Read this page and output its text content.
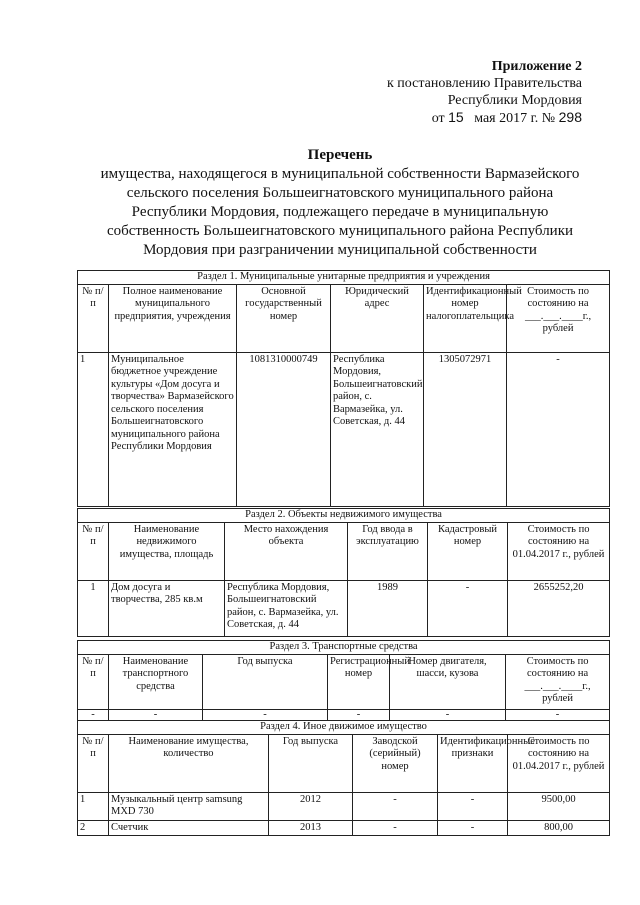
Приложение 2
к постановлению Правительства
Республики Мордовия
от 15 мая 2017 г. № 298
Перечень
имущества, находящегося в муниципальной собственности Вармазейского
сельского поселения Большеигнатовского муниципального района
Республики Мордовия, подлежащего передаче в муниципальную
собственность Большеигнатовского муниципального района Республики
Мордовия при разграничении муниципальной собственности
Раздел 1. Муниципальные унитарные предприятия и учреждения					
№ п/п	Полное наименование муниципального предприятия, учреждения	Основной государственный номер	Юридический адрес	Идентификационный номер налогоплательщика	Стоимость по состоянию на ___.___.____г., рублей
1	Муниципальное бюджетное учреждение культуры «Дом досуга и творчества» Вармазейского сельского поселения Большеигнатовского муниципального района Республики Мордовия	1081310000749	Республика Мордовия, Большеигнатовский район, с. Вармазейка, ул. Советская, д. 44	1305072971	-
Раздел 2. Объекты недвижимого имущества					
№ п/п	Наименование недвижимого имущества, площадь	Место нахождения объекта	Год ввода в эксплуатацию	Кадастровый номер	Стоимость по состоянию на 01.04.2017 г., рублей
1	Дом досуга и творчества, 285 кв.м	Республика Мордовия, Большеигнатовский район, с. Вармазейка, ул. Советская, д. 44	1989	-	2655252,20
Раздел 3. Транспортные средства					
№ п/п	Наименование транспортного средства	Год выпуска	Регистрационный номер	Номер двигателя, шасси, кузова	Стоимость по состоянию на ___.___.____г., рублей
-	-	-	-	-	-
Раздел 4. Иное движимое имущество					
№ п/п	Наименование имущества, количество	Год выпуска	Заводской (серийный) номер	Идентификационные признаки	Стоимость по состоянию на 01.04.2017 г., рублей
1	Музыкальный центр samsung MXD 730	2012	-	-	9500,00
2	Счетчик	2013	-	-	800,00
